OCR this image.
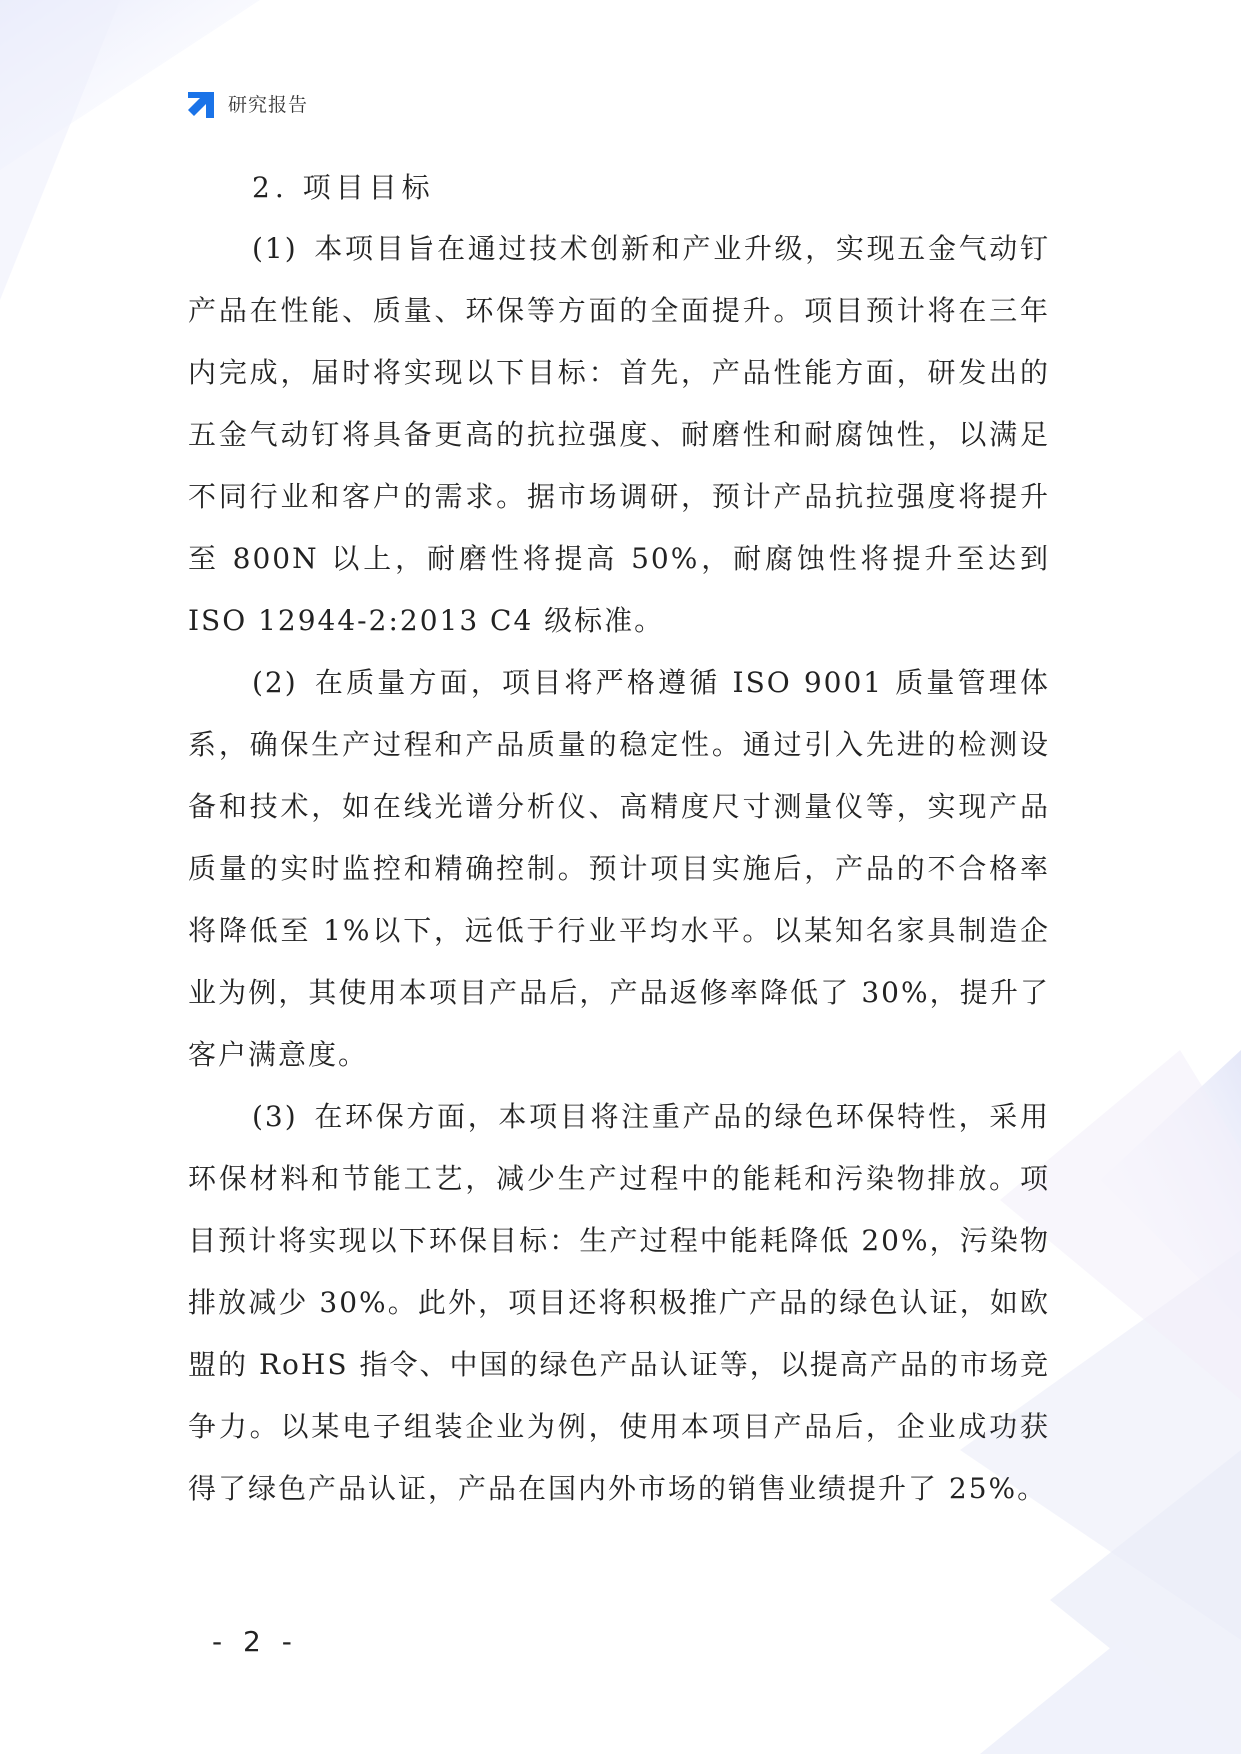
研究报告
2. 项目目标

(1) 本项目旨在通过技术创新和产业升级，实现五金气动钉产品在性能、质量、环保等方面的全面提升。项目预计将在三年内完成，届时将实现以下目标：首先，产品性能方面，研发出的五金气动钉将具备更高的抗拉强度、耐磨性和耐腐蚀性，以满足不同行业和客户的需求。据市场调研，预计产品抗拉强度将提升至 800N 以上，耐磨性将提高 50%，耐腐蚀性将提升至达到 ISO 12944-2:2013 C4 级标准。

(2) 在质量方面，项目将严格遵循 ISO 9001 质量管理体系，确保生产过程和产品质量的稳定性。通过引入先进的检测设备和技术，如在线光谱分析仪、高精度尺寸测量仪等，实现产品质量的实时监控和精确控制。预计项目实施后，产品的不合格率将降低至 1%以下，远低于行业平均水平。以某知名家具制造企业为例，其使用本项目产品后，产品返修率降低了 30%，提升了客户满意度。

(3) 在环保方面，本项目将注重产品的绿色环保特性，采用环保材料和节能工艺，减少生产过程中的能耗和污染物排放。项目预计将实现以下环保目标：生产过程中能耗降低 20%，污染物排放减少 30%。此外，项目还将积极推广产品的绿色认证，如欧盟的 RoHS 指令、中国的绿色产品认证等，以提高产品的市场竞争力。以某电子组装企业为例，使用本项目产品后，企业成功获得了绿色产品认证，产品在国内外市场的销售业绩提升了 25%。

- 2 -
